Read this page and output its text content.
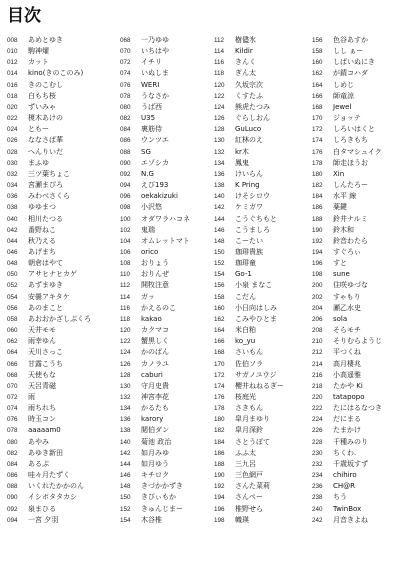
目次
008 あめとゆき
010 駒神燿
012 カット
014 kino(きのこのみ)
016 きのこむし
018 白もち桜
020 ずいみゃ
022 榎木あけの
024 ともー
026 ななさぱ華
028 へんりいだ
030 まふゆ
032 三ツ葉ちょこ
034 宮瀬まぴろ
036 みわべさくら
038 ゆゆまつ
040 相川たつる
042 番野ねこ
044 秋乃える
046 あげまち
048 朝倉はやて
050 アサヒナヒカゲ
052 あずまゆき
054 安曇アキタケ
056 あのまこと
058 あおおかざしぷくろ
060 天井モモ
062 雨幸ゆん
064 天川さっこ
066 甘露こうち
068 天使もな
070 天呂青磁
072 雨
074 雨ちれち
076 時玉コン
078 aaaaam0
080 あやみ
082 あゆき新田
084 あるぷ
086 哇々月たずく
088 いくれたかかのん
090 イシボタタカシ
092 泉まひる
094 一宮 夕羽
068 一乃ゆゆ
070 いちはや
072 イチリ
074 いぬしま
076 WERI
078 うなさか
080 うば西
082 U35
084 裏筋侍
086 ウンツエ
088 SG
090 エゾシカ
092 N.G
094 えび193
096 oekakizuki
098 小沢悠
100 オダワラハコネ
102 鬼瑞
104 オムレットマト
106 orico
108 おりょう
110 おりんぜ
112 開牧注意
114 ガッ
116 かえるのこ
118 kakao
120 カクマコ
122 蟹黒しく
124 かのばん
126 カノラユ
128 caburi
130 守月史貴
132 神宮李花
134 かるたも
136 karory
138 閲伯ダン
140 菊池 政治
142 如月みゆ
144 如月ゆう
146 キチロク
148 きづかかずき
150 きびぃもか
152 きゅんじまー
154 木谷椎
112 樹儘氷
114 Kildir
116 きんく
118 ぎん太
120 久坂宗次
122 くすたふ
124 熊虎たつみ
126 ぐらしおん
128 GuLuco
130 紅林のえ
132 kr木
134 鳳鬼
136 けいらん
138 K Pring
140 けそシロウ
142 ケミガワ
144 こうぐちもと
146 こうましろ
148 こーたい
150 珈琲貴族
152 珈琲童
154 Go-1
156 小泉 まなこ
158 こだん
160 小日向はしみ
162 こみやひとま
164 米白粕
166 ko_yu
168 さいもん
170 佐伯ソラ
172 サガノユウジ
174 櫻井ねねるぎー
176 桜庭光
178 さきもん
180 皐月まゆり
182 皐月深鈴
184 さとうぽて
186 ふふ太
188 三九呂
190 三色網戸
192 さんた菜莉
194 さんぺー
196 椎野せら
198 幟瑛
156 色谷あすか
158 しし ぁー
160 しばいぬにき
162 が錆コハダ
164 しめじ
166 師竜涼
168 Jewel
170 ジョッテ
172 しろいはくと
174 しろきもち
176 白タマシュイク
178 師走ほうお
180 Xin
182 しんたろー
184 水平 線
186 薬鍵
188 鈴井ナルミ
190 鈴木和
192 鈴音わたら
194 すぐろぃ
196 すと
198 sune
200 住咲ゆづな
202 すゃもり
204 瀬乙水史
206 sola
208 そらモチ
210 そりむらようじ
212 平つくね
214 高月棲兆
216 小高遥雅
218 たかや Ki
220 tatapopo
222 たにはるなつき
224 だにまる
226 たまかけ
228 千種みのり
230 ちくわ.
232 千歳坂すず
234 chihiro
236 CH@R
238 ちう
240 TwinBox
242 月音きよね
